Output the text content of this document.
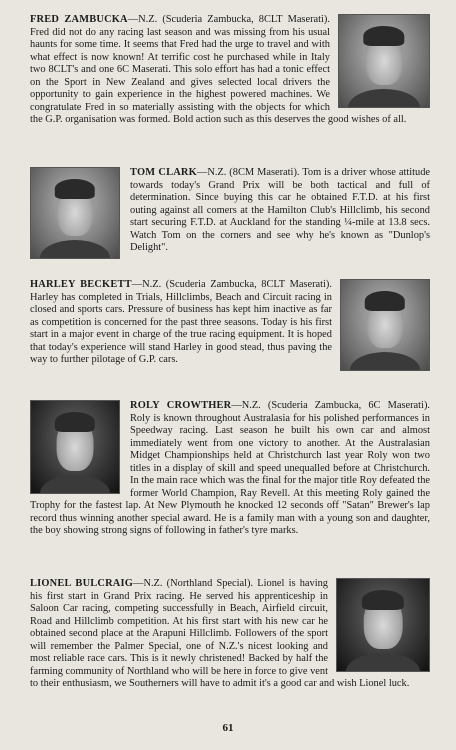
FRED ZAMBUCKA—N.Z. (Scuderia Zambucka, 8CLT Maserati). Fred did not do any racing last season and was missing from his usual haunts for some time. It seems that Fred had the urge to travel and with what effect is now known! At terrific cost he purchased while in Italy two 8CLT's and one 6C Maserati. This solo effort has had a tonic effect on the Sport in New Zealand and gives selected local drivers the opportunity to gain experience in the highest powered machines. We congratulate Fred in so materially assisting with the objects for which the G.P. organisation was formed. Bold action such as this deserves the good wishes of all.

TOM CLARK—N.Z. (8CM Maserati). Tom is a driver whose attitude towards today's Grand Prix will be both tactical and full of determination. Since buying this car he obtained F.T.D. at his first outing against all comers at the Hamilton Club's Hillclimb, his second start securing F.T.D. at Auckland for the standing ¼-mile at 13.8 secs. Watch Tom on the corners and see why he's known as "Dunlop's Delight".

HARLEY BECKETT—N.Z. (Scuderia Zambucka, 8CLT Maserati). Harley has completed in Trials, Hillclimbs, Beach and Circuit racing in closed and sports cars. Pressure of business has kept him inactive as far as competition is concerned for the past three seasons. Today is his first start in a major event in charge of the true racing equipment. It is hoped that today's experience will stand Harley in good stead, thus paving the way to further pilotage of G.P. cars.

ROLY CROWTHER—N.Z. (Scuderia Zambucka, 6C Maserati). Roly is known throughout Australasia for his polished performances in Speedway racing. Last season he built his own car and almost immediately went from one victory to another. At the Australasian Midget Championships held at Christchurch last year Roly won two titles in a display of skill and speed unequalled before at Christchurch. In the main race which was the final for the major title Roy defeated the former World Champion, Ray Revell. At this meeting Roly gained the Trophy for the fastest lap. At New Plymouth he knocked 12 seconds off "Satan" Brewer's lap record thus winning another special award. He is a family man with a young son and daughter, the boy showing strong signs of following in father's tyre marks.

LIONEL BULCRAIG—N.Z. (Northland Special). Lionel is having his first start in Grand Prix racing. He served his apprenticeship in Saloon Car racing, competing successfully in Beach, Airfield circuit, Road and Hillclimb competition. At his first start with his new car he obtained second place at the Arapuni Hillclimb. Followers of the sport will remember the Palmer Special, one of N.Z.'s nicest looking and most reliable race cars. This is it newly christened! Backed by half the farming community of Northland who will be here in force to give vent to their enthusiasm, we Southerners will have to admit it's a good car and wish Lionel luck.

61
